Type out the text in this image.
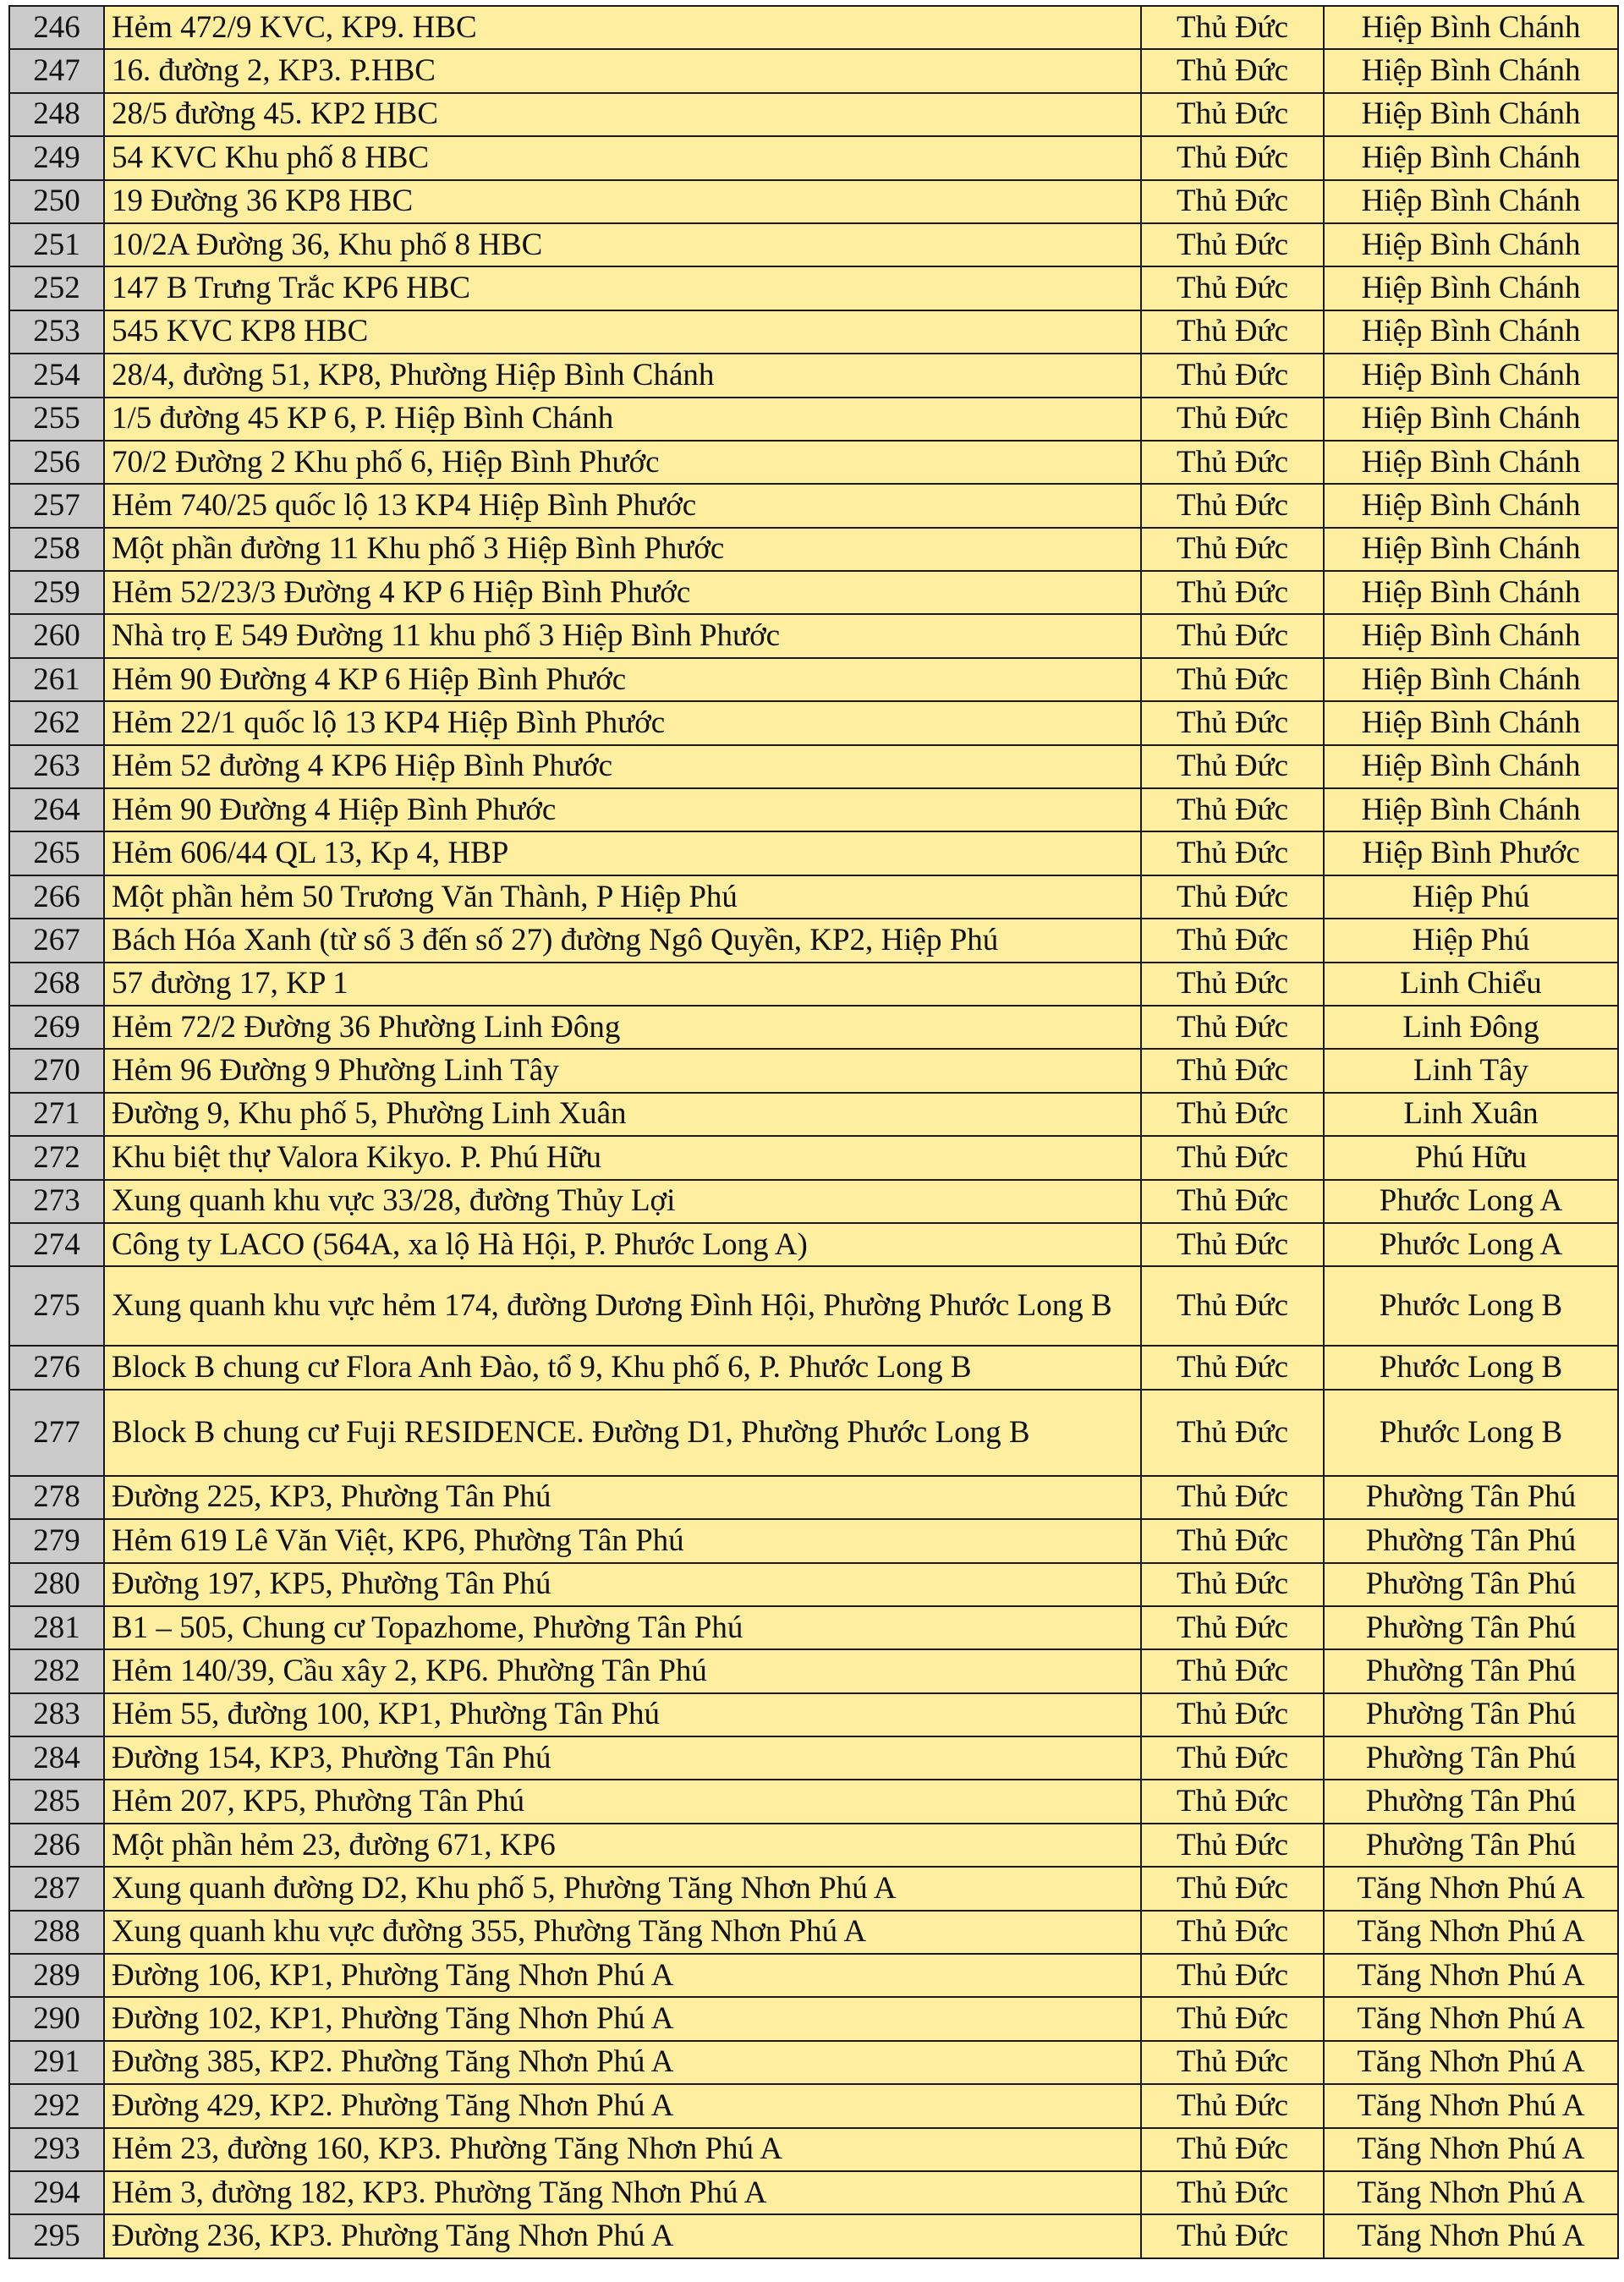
246	Hẻm 472/9 KVC, KP9. HBC	Thủ Đức	Hiệp Bình Chánh
247	16. đường 2, KP3. P.HBC	Thủ Đức	Hiệp Bình Chánh
248	28/5 đường 45. KP2 HBC	Thủ Đức	Hiệp Bình Chánh
249	54 KVC Khu phố 8 HBC	Thủ Đức	Hiệp Bình Chánh
250	19 Đường 36 KP8 HBC	Thủ Đức	Hiệp Bình Chánh
251	10/2A Đường 36, Khu phố 8 HBC	Thủ Đức	Hiệp Bình Chánh
252	147 B Trưng Trắc KP6 HBC	Thủ Đức	Hiệp Bình Chánh
253	545 KVC KP8 HBC	Thủ Đức	Hiệp Bình Chánh
254	28/4, đường 51, KP8, Phường Hiệp Bình Chánh	Thủ Đức	Hiệp Bình Chánh
255	1/5 đường 45 KP 6, P. Hiệp Bình Chánh	Thủ Đức	Hiệp Bình Chánh
256	70/2 Đường 2 Khu phố 6, Hiệp Bình Phước	Thủ Đức	Hiệp Bình Chánh
257	Hẻm 740/25 quốc lộ 13 KP4 Hiệp Bình Phước	Thủ Đức	Hiệp Bình Chánh
258	Một phần đường 11 Khu phố 3 Hiệp Bình Phước	Thủ Đức	Hiệp Bình Chánh
259	Hẻm 52/23/3 Đường 4 KP 6 Hiệp Bình Phước	Thủ Đức	Hiệp Bình Chánh
260	Nhà trọ E 549 Đường 11 khu phố 3 Hiệp Bình Phước	Thủ Đức	Hiệp Bình Chánh
261	Hẻm 90 Đường 4 KP 6 Hiệp Bình Phước	Thủ Đức	Hiệp Bình Chánh
262	Hẻm 22/1 quốc lộ 13 KP4 Hiệp Bình Phước	Thủ Đức	Hiệp Bình Chánh
263	Hẻm 52 đường 4 KP6 Hiệp Bình Phước	Thủ Đức	Hiệp Bình Chánh
264	Hẻm 90 Đường 4 Hiệp Bình Phước	Thủ Đức	Hiệp Bình Chánh
265	Hẻm 606/44 QL 13, Kp 4, HBP	Thủ Đức	Hiệp Bình Phước
266	Một phần hẻm 50 Trương Văn Thành, P Hiệp Phú	Thủ Đức	Hiệp Phú
267	Bách Hóa Xanh (từ số 3 đến số 27) đường Ngô Quyền, KP2, Hiệp Phú	Thủ Đức	Hiệp Phú
268	57 đường 17, KP 1	Thủ Đức	Linh Chiểu
269	Hẻm 72/2 Đường 36 Phường Linh Đông	Thủ Đức	Linh Đông
270	Hẻm 96 Đường 9 Phường Linh Tây	Thủ Đức	Linh Tây
271	Đường 9, Khu phố 5, Phường Linh Xuân	Thủ Đức	Linh Xuân
272	Khu biệt thự Valora Kikyo. P. Phú Hữu	Thủ Đức	Phú Hữu
273	Xung quanh khu vực 33/28, đường Thủy Lợi	Thủ Đức	Phước Long A
274	Công ty LACO (564A, xa lộ Hà Hội, P. Phước Long A)	Thủ Đức	Phước Long A
275	Xung quanh khu vực hẻm 174, đường Dương Đình Hội, Phường Phước Long B	Thủ Đức	Phước Long B
276	Block B chung cư Flora Anh Đào, tổ 9, Khu phố 6, P. Phước Long B	Thủ Đức	Phước Long B
277	Block B chung cư Fuji RESIDENCE. Đường D1, Phường Phước Long B	Thủ Đức	Phước Long B
278	Đường 225, KP3, Phường Tân Phú	Thủ Đức	Phường Tân Phú
279	Hẻm 619 Lê Văn Việt, KP6, Phường Tân Phú	Thủ Đức	Phường Tân Phú
280	Đường 197, KP5, Phường Tân Phú	Thủ Đức	Phường Tân Phú
281	B1 – 505, Chung cư Topazhome, Phường Tân Phú	Thủ Đức	Phường Tân Phú
282	Hẻm 140/39, Cầu xây 2, KP6. Phường Tân Phú	Thủ Đức	Phường Tân Phú
283	Hẻm 55, đường 100, KP1, Phường Tân Phú	Thủ Đức	Phường Tân Phú
284	Đường 154, KP3, Phường Tân Phú	Thủ Đức	Phường Tân Phú
285	Hẻm 207, KP5, Phường Tân Phú	Thủ Đức	Phường Tân Phú
286	Một phần hẻm 23, đường 671, KP6	Thủ Đức	Phường Tân Phú
287	Xung quanh đường D2, Khu phố 5, Phường Tăng Nhơn Phú A	Thủ Đức	Tăng Nhơn Phú A
288	Xung quanh khu vực đường 355, Phường Tăng Nhơn Phú A	Thủ Đức	Tăng Nhơn Phú A
289	Đường 106, KP1, Phường Tăng Nhơn Phú A	Thủ Đức	Tăng Nhơn Phú A
290	Đường 102, KP1, Phường Tăng Nhơn Phú A	Thủ Đức	Tăng Nhơn Phú A
291	Đường 385, KP2. Phường Tăng Nhơn Phú A	Thủ Đức	Tăng Nhơn Phú A
292	Đường 429, KP2. Phường Tăng Nhơn Phú A	Thủ Đức	Tăng Nhơn Phú A
293	Hẻm 23, đường 160, KP3. Phường Tăng Nhơn Phú A	Thủ Đức	Tăng Nhơn Phú A
294	Hẻm 3, đường 182, KP3. Phường Tăng Nhơn Phú A	Thủ Đức	Tăng Nhơn Phú A
295	Đường 236, KP3. Phường Tăng Nhơn Phú A	Thủ Đức	Tăng Nhơn Phú A
